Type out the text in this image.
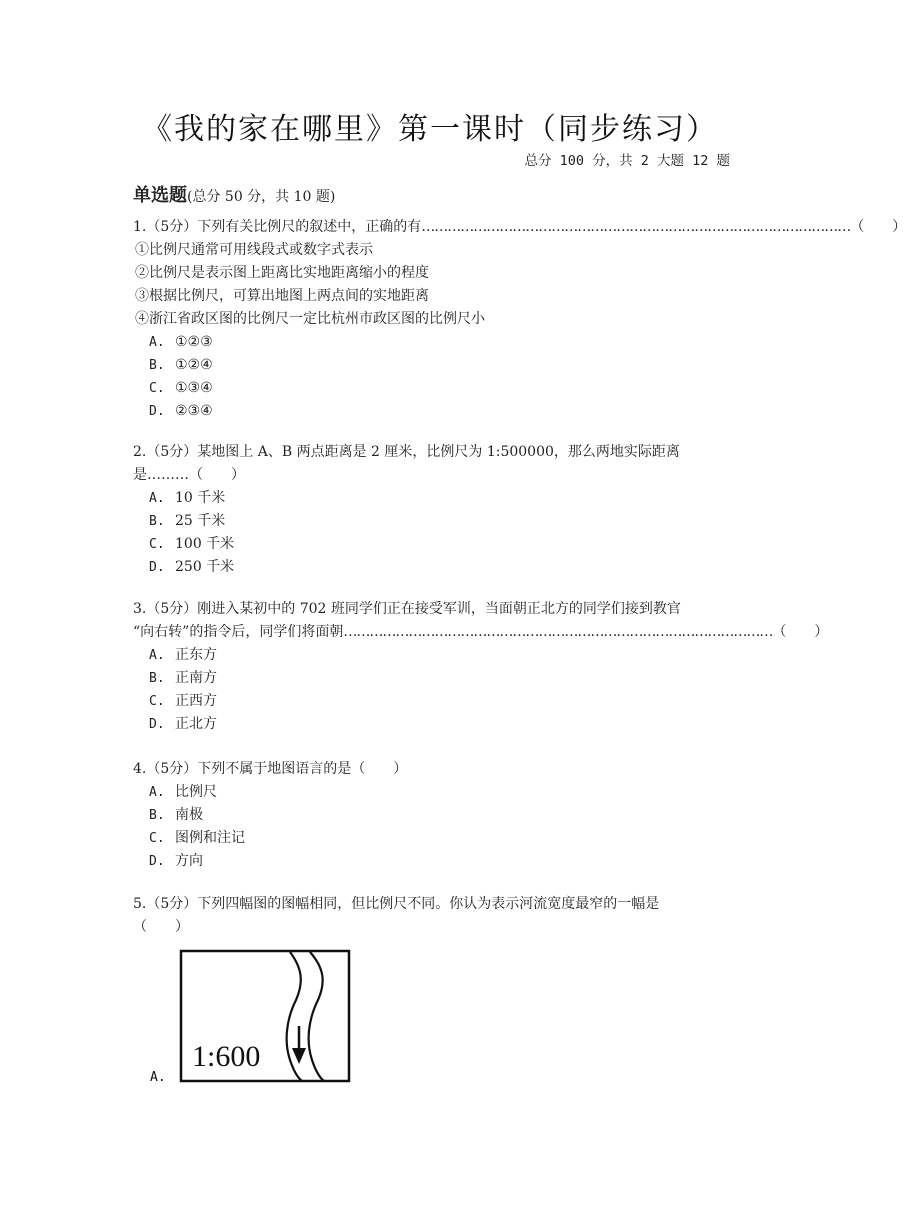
《我的家在哪里》第一课时（同步练习）
总分 100 分，共 2 大题 12 题
单选题(总分 50 分，共 10 题)
1. （5分） 下列有关比例尺的叙述中，正确的有 ……………………………………………………………………………………… （　　）
①比例尺通常可用线段式或数字式表示
②比例尺是表示图上距离比实地距离缩小的程度
③根据比例尺，可算出地图上两点间的实地距离
④浙江省政区图的比例尺一定比杭州市政区图的比例尺小
A. ①②③
B. ①②④
C. ①③④
D. ②③④
2. （5分） 某地图上 A、B 两点距离是 2 厘米，比例尺为 1:500000，那么两地实际距离
是………（　　）
A. 10 千米
B. 25 千米
C. 100 千米
D. 250 千米
3. （5分） 刚进入某初中的 702 班同学们正在接受军训，当面朝正北方的同学们接到教官
“向右转”的指令后，同学们将面朝 ……………………………………………………………………………………… （　　）
A. 正东方
B. 正南方
C. 正西方
D. 正北方
4. （5分） 下列不属于地图语言的是（　　）
A. 比例尺
B. 南极
C. 图例和注记
D. 方向
5. （5分） 下列四幅图的图幅相同，但比例尺不同。你认为表示河流宽度最窄的一幅是
（　　）
1:600
A.
